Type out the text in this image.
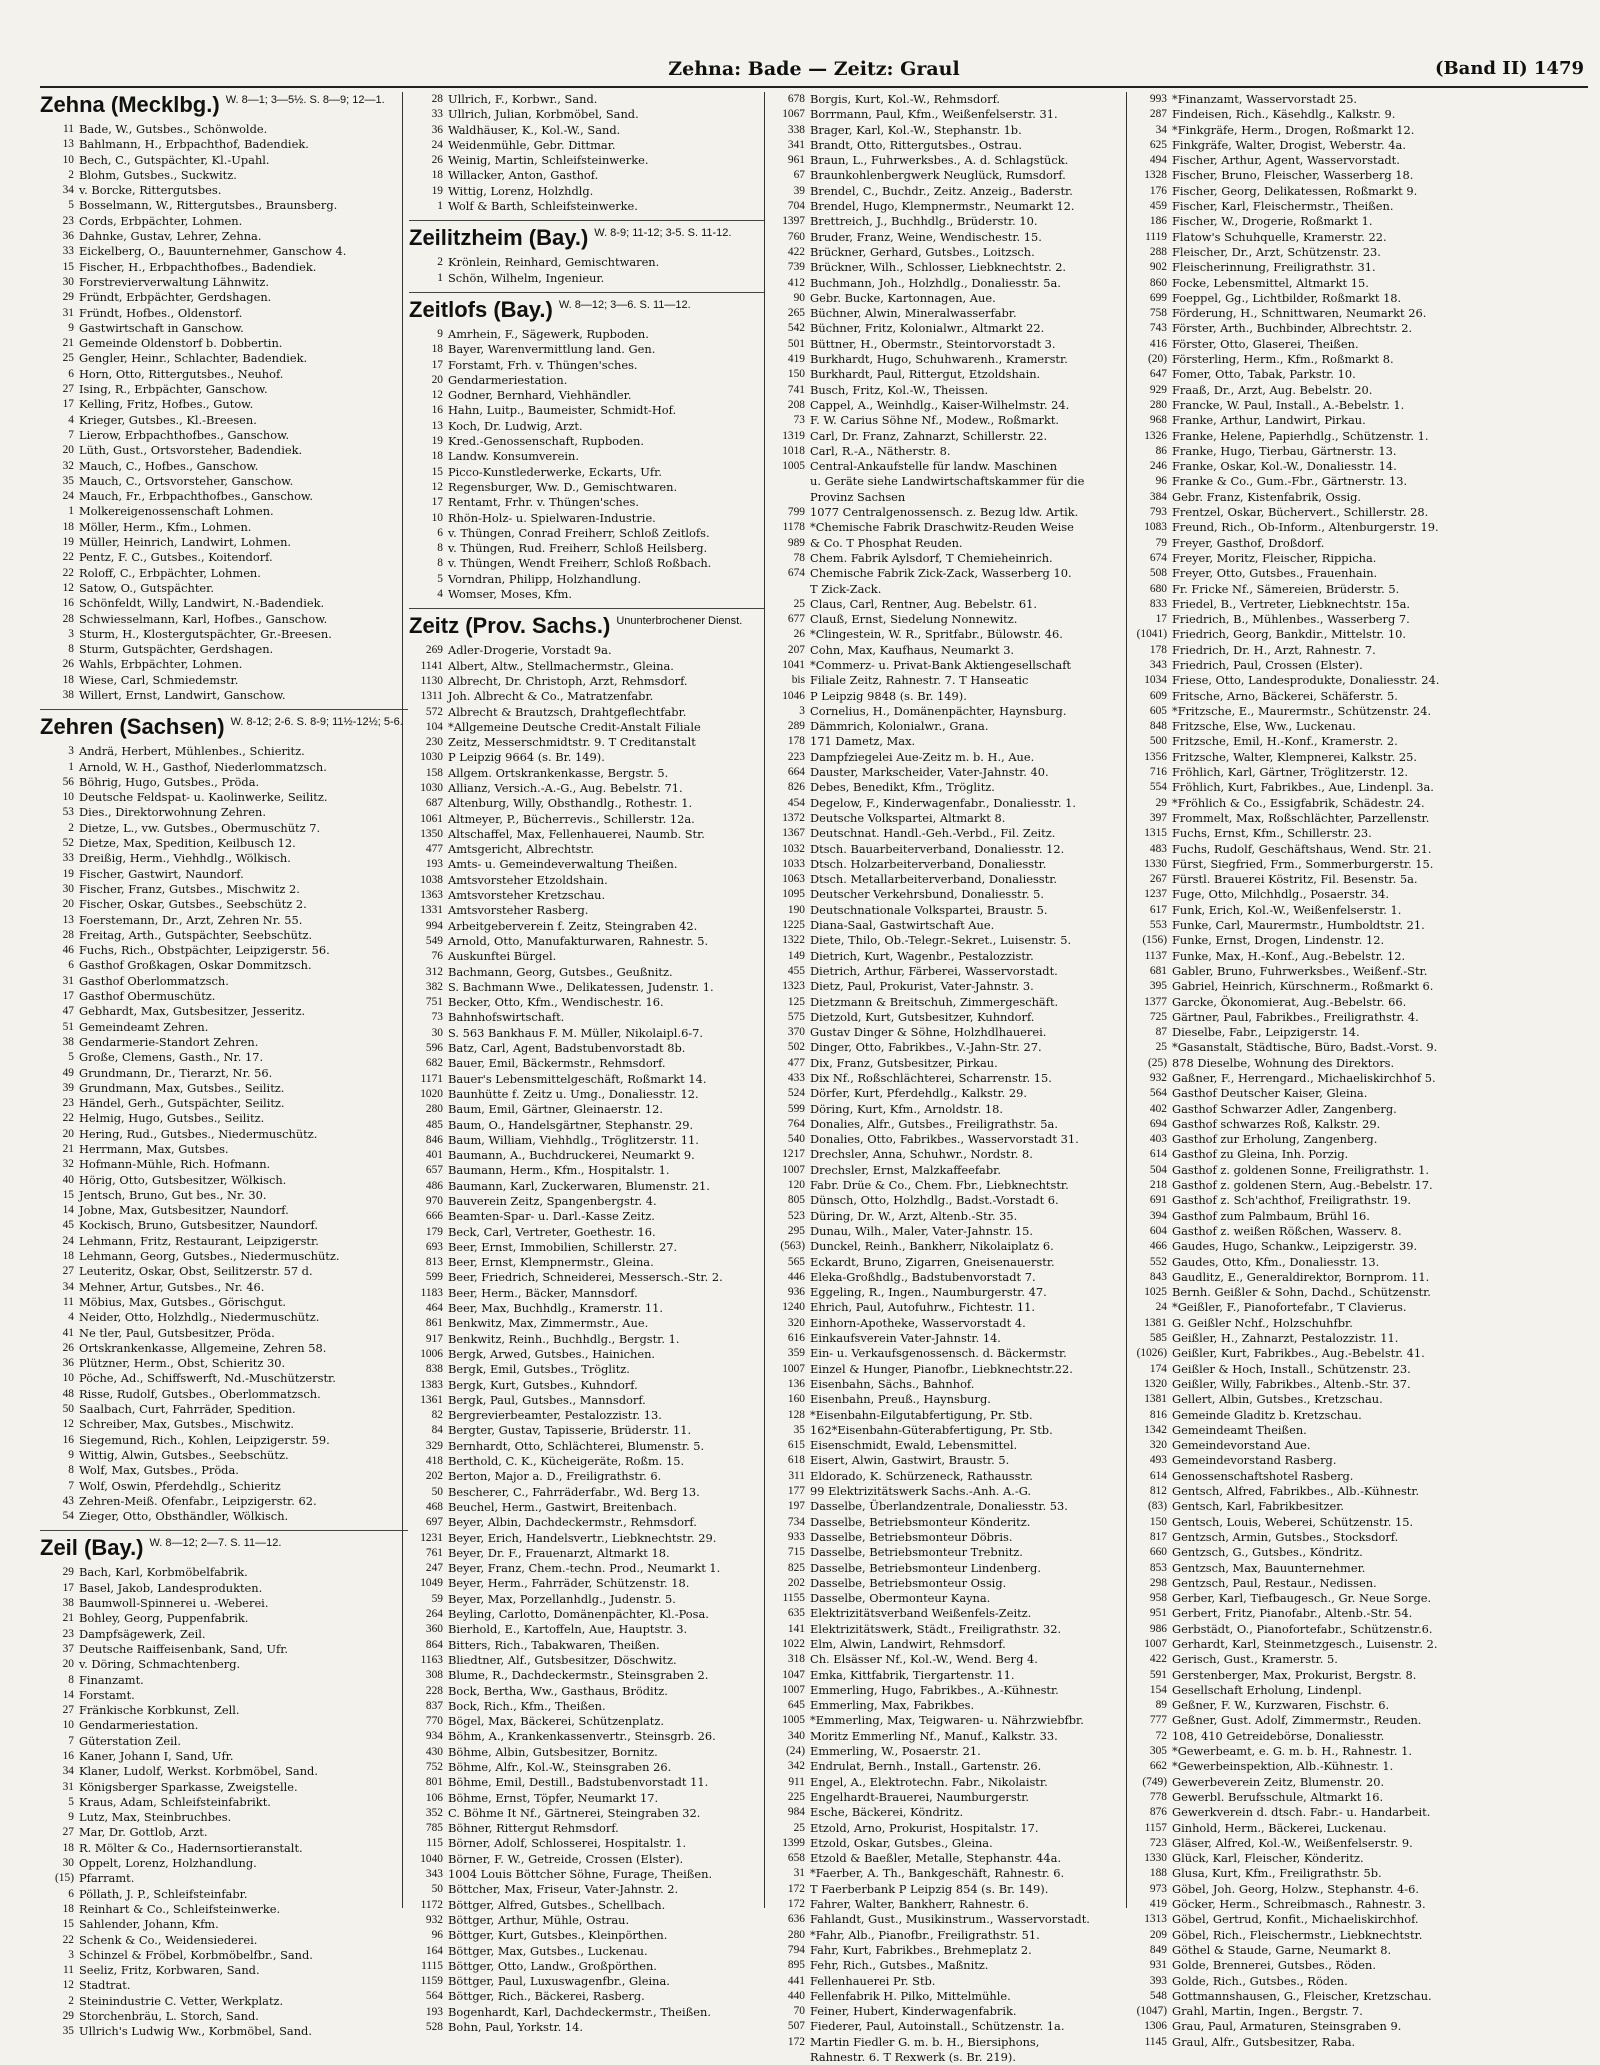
Zehna: Bade — Zeitz: Graul	(Band II) 1479
Zehna (Mecklbg.) W. 8—1; 3—5½. S. 8—9; 12—1.
11 Bade, W., Gutsbes., Schönwolde.
13 Bahlmann, H., Erbpachthof, Badendiek.
10 Bech, C., Gutspächter, Kl.-Upahl.
2 Blohm, Gutsbes., Suckwitz.
34 v. Borcke, Rittergutsbes.
5 Bosselmann, W., Rittergutsbes., Braunsberg.
23 Cords, Erbpächter, Lohmen.
36 Dahnke, Gustav, Lehrer, Zehna.
33 Eickelberg, O., Bauunternehmer, Ganschow 4.
15 Fischer, H., Erbpachthofbes., Badendiek.
30 Forstrevierverwaltung Lähnwitz.
29 Fründt, Erbpächter, Gerdshagen.
31 Fründt, Hofbes., Oldenstorf.
9 Gastwirtschaft in Ganschow.
21 Gemeinde Oldenstorf b. Dobbertin.
25 Gengler, Heinr., Schlachter, Badendiek.
6 Horn, Otto, Rittergutsbes., Neuhof.
27 Ising, R., Erbpächter, Ganschow.
17 Kelling, Fritz, Hofbes., Gutow.
4 Krieger, Gutsbes., Kl.-Breesen.
7 Lierow, Erbpachthofbes., Ganschow.
20 Lüth, Gust., Ortsvorsteher, Badendiek.
32 Mauch, C., Hofbes., Ganschow.
35 Mauch, C., Ortsvorsteher, Ganschow.
24 Mauch, Fr., Erbpachthofbes., Ganschow.
1 Molkereigenossenschaft Lohmen.
18 Möller, Herm., Kfm., Lohmen.
19 Müller, Heinrich, Landwirt, Lohmen.
22 Pentz, F. C., Gutsbes., Koitendorf.
22 Roloff, C., Erbpächter, Lohmen.
12 Satow, O., Gutspächter.
16 Schönfeldt, Willy, Landwirt, N.-Badendiek.
28 Schwiesselmann, Karl, Hofbes., Ganschow.
3 Sturm, H., Klostergutspächter, Gr.-Breesen.
8 Sturm, Gutspächter, Gerdshagen.
26 Wahls, Erbpächter, Lohmen.
18 Wiese, Carl, Schmiedemstr.
38 Willert, Ernst, Landwirt, Ganschow.
Zehren (Sachsen) W. 8-12; 2-6. S. 8-9; 11½-12½; 5-6.
3 Andrä, Herbert, Mühlenbes., Schieritz.
1 Arnold, W. H., Gasthof, Niederlommatzsch.
56 Böhrig, Hugo, Gutsbes., Pröda.
10 Deutsche Feldspat- u. Kaolinwerke, Seilitz.
53 Dies., Direktorwohnung Zehren.
2 Dietze, L., vw. Gutsbes., Obermuschütz 7.
52 Dietze, Max, Spedition, Keilbusch 12.
33 Dreißig, Herm., Viehhdlg., Wölkisch.
19 Fischer, Gastwirt, Naundorf.
30 Fischer, Franz, Gutsbes., Mischwitz 2.
20 Fischer, Oskar, Gutsbes., Seebschütz 2.
13 Foerstemann, Dr., Arzt, Zehren Nr. 55.
28 Freitag, Arth., Gutspächter, Seebschütz.
46 Fuchs, Rich., Obstpächter, Leipzigerstr. 56.
6 Gasthof Großkagen, Oskar Dommitzsch.
31 Gasthof Oberlommatzsch.
17 Gasthof Obermuschütz.
47 Gebhardt, Max, Gutsbesitzer, Jesseritz.
51 Gemeindeamt Zehren.
38 Gendarmerie-Standort Zehren.
5 Große, Clemens, Gasth., Nr. 17.
49 Grundmann, Dr., Tierarzt, Nr. 56.
39 Grundmann, Max, Gutsbes., Seilitz.
23 Händel, Gerh., Gutspächter, Seilitz.
22 Helmig, Hugo, Gutsbes., Seilitz.
20 Hering, Rud., Gutsbes., Niedermuschütz.
21 Herrmann, Max, Gutsbes.
32 Hofmann-Mühle, Rich. Hofmann.
40 Hörig, Otto, Gutsbesitzer, Wölkisch.
15 Jentsch, Bruno, Gut bes., Nr. 30.
14 Jobne, Max, Gutsbesitzer, Naundorf.
45 Kockisch, Bruno, Gutsbesitzer, Naundorf.
24 Lehmann, Fritz, Restaurant, Leipzigerstr.
18 Lehmann, Georg, Gutsbes., Niedermuschütz.
27 Leuteritz, Oskar, Obst, Seilitzerstr. 57 d.
34 Mehner, Artur, Gutsbes., Nr. 46.
11 Möbius, Max, Gutsbes., Görischgut.
4 Neider, Otto, Holzhdlg., Niedermuschütz.
41 Ne tler, Paul, Gutsbesitzer, Pröda.
26 Ortskrankenkasse, Allgemeine, Zehren 58.
36 Plützner, Herm., Obst, Schieritz 30.
10 Pöche, Ad., Schiffswerft, Nd.-Muschützerstr.
48 Risse, Rudolf, Gutsbes., Oberlommatzsch.
50 Saalbach, Curt, Fahrräder, Spedition.
12 Schreiber, Max, Gutsbes., Mischwitz.
16 Siegemund, Rich., Kohlen, Leipzigerstr. 59.
9 Wittig, Alwin, Gutsbes., Seebschütz.
8 Wolf, Max, Gutsbes., Pröda.
7 Wolf, Oswin, Pferdehdlg., Schieritz
43 Zehren-Meiß. Ofenfabr., Leipzigerstr. 62.
54 Zieger, Otto, Obsthändler, Wölkisch.
Zeil (Bay.) W. 8—12; 2—7. S. 11—12.
29 Bach, Karl, Korbmöbelfabrik.
17 Basel, Jakob, Landesprodukten.
38 Baumwoll-Spinnerei u. -Weberei.
21 Bohley, Georg, Puppenfabrik.
23 Dampfsägewerk, Zeil.
37 Deutsche Raiffeisenbank, Sand, Ufr.
20 v. Döring, Schmachtenberg.
8 Finanzamt.
14 Forstamt.
27 Fränkische Korbkunst, Zell.
10 Gendarmeriestation.
7 Güterstation Zeil.
16 Kaner, Johann I, Sand, Ufr.
34 Klaner, Ludolf, Werkst. Korbmöbel, Sand.
31 Königsberger Sparkasse, Zweigstelle.
5 Kraus, Adam, Schleifsteinfabrikt.
9 Lutz, Max, Steinbruchbes.
27 Mar, Dr. Gottlob, Arzt.
18 R. Mölter & Co., Hadernsortieranstalt.
30 Oppelt, Lorenz, Holzhandlung.
(15) Pfarramt.
6 Pöllath, J. P., Schleifsteinfabr.
18 Reinhart & Co., Schleifsteinwerke.
15 Sahlender, Johann, Kfm.
22 Schenk & Co., Weidensiederei.
3 Schinzel & Fröbel, Korbmöbelfbr., Sand.
11 Seeliz, Fritz, Korbwaren, Sand.
12 Stadtrat.
2 Steinindustrie C. Vetter, Werkplatz.
29 Storchenbräu, L. Storch, Sand.
35 Ullrich's Ludwig Ww., Korbmöbel, Sand.
28 Ullrich, F., Korbwr., Sand.
33 Ullrich, Julian, Korbmöbel, Sand.
36 Waldhäuser, K., Kol.-W., Sand.
24 Weidenmühle, Gebr. Dittmar.
26 Weinig, Martin, Schleifsteinwerke.
18 Willacker, Anton, Gasthof.
19 Wittig, Lorenz, Holzhdlg.
1 Wolf & Barth, Schleifsteinwerke.
Zeilitzheim (Bay.) W. 8-9; 11-12; 3-5. S. 11-12.
2 Krönlein, Reinhard, Gemischtwaren.
1 Schön, Wilhelm, Ingenieur.
Zeitlofs (Bay.) W. 8—12; 3—6. S. 11—12.
9 Amrhein, F., Sägewerk, Rupboden.
18 Bayer, Warenvermittlung land. Gen.
17 Forstamt, Frh. v. Thüngen'sches.
20 Gendarmeriestation.
12 Godner, Bernhard, Viehhändler.
16 Hahn, Luitp., Baumeister, Schmidt-Hof.
13 Koch, Dr. Ludwig, Arzt.
19 Kred.-Genossenschaft, Rupboden.
18 Landw. Konsumverein.
15 Picco-Kunstlederwerke, Eckarts, Ufr.
12 Regensburger, Ww. D., Gemischtwaren.
17 Rentamt, Frhr. v. Thüngen'sches.
10 Rhön-Holz- u. Spielwaren-Industrie.
6 v. Thüngen, Conrad Freiherr, Schloß Zeitlofs.
8 v. Thüngen, Rud. Freiherr, Schloß Heilsberg.
8 v. Thüngen, Wendt Freiherr, Schloß Roßbach.
5 Vorndran, Philipp, Holzhandlung.
4 Womser, Moses, Kfm.
Zeitz (Prov. Sachs.) Ununterbrochener Dienst.
269 Adler-Drogerie, Vorstadt 9a.
1141 Albert, Altw., Stellmachermstr., Gleina.
1130 Albrecht, Dr. Christoph, Arzt, Rehmsdorf.
1311 Joh. Albrecht & Co., Matratzenfabr.
572 Albrecht & Brautzsch, Drahtgeflechtfabr.
104 *Allgemeine Deutsche Credit-Anstalt Filiale
230 Zeitz, Messerschmidtstr. 9. T Creditanstalt
1030 P Leipzig 9664 (s. Br. 149).
158 Allgem. Ortskrankenkasse, Bergstr. 5.
1030 Allianz, Versich.-A.-G., Aug. Bebelstr. 71.
687 Altenburg, Willy, Obsthandlg., Rothestr. 1.
1061 Altmeyer, P., Bücherrevis., Schillerstr. 12a.
1350 Altschaffel, Max, Fellenhauerei, Naumb. Str.
477 Amtsgericht, Albrechtstr.
193 Amts- u. Gemeindeverwaltung Theißen.
1038 Amtsvorsteher Etzoldshain.
1363 Amtsvorsteher Kretzschau.
1331 Amtsvorsteher Rasberg.
994 Arbeitgeberverein f. Zeitz, Steingraben 42.
549 Arnold, Otto, Manufakturwaren, Rahnestr. 5.
76 Auskunftei Bürgel.
312 Bachmann, Georg, Gutsbes., Geußnitz.
382 S. Bachmann Wwe., Delikatessen, Judenstr. 1.
751 Becker, Otto, Kfm., Wendischestr. 16.
73 Bahnhofswirtschaft.
30 S. 563 Bankhaus F. M. Müller, Nikolaipl.6-7.
596 Batz, Carl, Agent, Badstubenvorstadt 8b.
682 Bauer, Emil, Bäckermstr., Rehmsdorf.
1171 Bauer's Lebensmittelgeschäft, Roßmarkt 14.
1020 Baunhütte f. Zeitz u. Umg., Donaliesstr. 12.
280 Baum, Emil, Gärtner, Gleinaerstr. 12.
485 Baum, O., Handelsgärtner, Stephanstr. 29.
846 Baum, William, Viehhdlg., Tröglitzerstr. 11.
401 Baumann, A., Buchdruckerei, Neumarkt 9.
657 Baumann, Herm., Kfm., Hospitalstr. 1.
486 Baumann, Karl, Zuckerwaren, Blumenstr. 21.
970 Bauverein Zeitz, Spangenbergstr. 4.
666 Beamten-Spar- u. Darl.-Kasse Zeitz.
179 Beck, Carl, Vertreter, Goethestr. 16.
693 Beer, Ernst, Immobilien, Schillerstr. 27.
813 Beer, Ernst, Klempnermstr., Gleina.
599 Beer, Friedrich, Schneiderei, Messersch.-Str. 2.
1183 Beer, Herm., Bäcker, Mannsdorf.
464 Beer, Max, Buchhdlg., Kramerstr. 11.
861 Benkwitz, Max, Zimmermstr., Aue.
917 Benkwitz, Reinh., Buchhdlg., Bergstr. 1.
1006 Bergk, Arwed, Gutsbes., Hainichen.
838 Bergk, Emil, Gutsbes., Tröglitz.
1383 Bergk, Kurt, Gutsbes., Kuhndorf.
1361 Bergk, Paul, Gutsbes., Mannsdorf.
82 Bergrevierbeamter, Pestalozzistr. 13.
84 Bergter, Gustav, Tapisserie, Brüderstr. 11.
329 Bernhardt, Otto, Schlächterei, Blumenstr. 5.
418 Berthold, C. K., Kücheigeräte, Roßm. 15.
202 Berton, Major a. D., Freiligrathstr. 6.
50 Bescherer, C., Fahrräderfabr., Wd. Berg 13.
468 Beuchel, Herm., Gastwirt, Breitenbach.
697 Beyer, Albin, Dachdeckermstr., Rehmsdorf.
1231 Beyer, Erich, Handelsvertr., Liebknechtstr. 29.
761 Beyer, Dr. F., Frauenarzt, Altmarkt 18.
247 Beyer, Franz, Chem.-techn. Prod., Neumarkt 1.
1049 Beyer, Herm., Fahrräder, Schützenstr. 18.
59 Beyer, Max, Porzellanhdlg., Judenstr. 5.
264 Beyling, Carlotto, Domänenpächter, Kl.-Posa.
360 Bierhold, E., Kartoffeln, Aue, Hauptstr. 3.
864 Bitters, Rich., Tabakwaren, Theißen.
1163 Bliedtner, Alf., Gutsbesitzer, Döschwitz.
308 Blume, R., Dachdeckermstr., Steinsgraben 2.
228 Bock, Bertha, Ww., Gasthaus, Bröditz.
837 Bock, Rich., Kfm., Theißen.
770 Bögel, Max, Bäckerei, Schützenplatz.
934 Böhm, A., Krankenkassenvertr., Steinsgrb. 26.
430 Böhme, Albin, Gutsbesitzer, Bornitz.
752 Böhme, Alfr., Kol.-W., Steinsgraben 26.
801 Böhme, Emil, Destill., Badstubenvorstadt 11.
106 Böhme, Ernst, Töpfer, Neumarkt 17.
352 C. Böhme It Nf., Gärtnerei, Steingraben 32.
785 Böhner, Rittergut Rehmsdorf.
115 Börner, Adolf, Schlosserei, Hospitalstr. 1.
1040 Börner, F. W., Getreide, Crossen (Elster).
343 1004 Louis Böttcher Söhne, Furage, Theißen.
50 Böttcher, Max, Friseur, Vater-Jahnstr. 2.
1172 Böttger, Alfred, Gutsbes., Schellbach.
932 Böttger, Arthur, Mühle, Ostrau.
96 Böttger, Kurt, Gutsbes., Kleinpörthen.
164 Böttger, Max, Gutsbes., Luckenau.
1115 Böttger, Otto, Landw., Großpörthen.
1159 Böttger, Paul, Luxuswagenfbr., Gleina.
564 Böttger, Rich., Bäckerei, Rasberg.
193 Bogenhardt, Karl, Dachdeckermstr., Theißen.
528 Bohn, Paul, Yorkstr. 14.
678 Borgis, Kurt, Kol.-W., Rehmsdorf.
1067 Borrmann, Paul, Kfm., Weißenfelserstr. 31.
338 Brager, Karl, Kol.-W., Stephanstr. 1b.
341 Brandt, Otto, Rittergutsbes., Ostrau.
961 Braun, L., Fuhrwerksbes., A. d. Schlagstück.
67 Braunkohlenbergwerk Neuglück, Rumsdorf.
39 Brendel, C., Buchdr., Zeitz. Anzeig., Baderstr.
704 Brendel, Hugo, Klempnermstr., Neumarkt 12.
1397 Brettreich, J., Buchhdlg., Brüderstr. 10.
760 Bruder, Franz, Weine, Wendischestr. 15.
422 Brückner, Gerhard, Gutsbes., Loitzsch.
739 Brückner, Wilh., Schlosser, Liebknechtstr. 2.
412 Buchmann, Joh., Holzhdlg., Donaliesstr. 5a.
90 Gebr. Bucke, Kartonnagen, Aue.
265 Büchner, Alwin, Mineralwasserfabr.
542 Büchner, Fritz, Kolonialwr., Altmarkt 22.
501 Büttner, H., Obermstr., Steintorvorstadt 3.
419 Burkhardt, Hugo, Schuhwarenh., Kramerstr.
150 Burkhardt, Paul, Rittergut, Etzoldshain.
741 Busch, Fritz, Kol.-W., Theissen.
208 Cappel, A., Weinhdlg., Kaiser-Wilhelmstr. 24.
73 F. W. Carius Söhne Nf., Modew., Roßmarkt.
1319 Carl, Dr. Franz, Zahnarzt, Schillerstr. 22.
1018 Carl, R.-A., Nätherstr. 8.
1005 Central-Ankaufstelle für landw. Maschinen
u. Geräte siehe Landwirtschaftskammer für die
Provinz Sachsen
799 1077 Centralgenossensch. z. Bezug ldw. Artik.
1178 *Chemische Fabrik Draschwitz-Reuden Weise
989 & Co. T Phosphat Reuden.
78 Chem. Fabrik Aylsdorf, T Chemieheinrich.
674 Chemische Fabrik Zick-Zack, Wasserberg 10.
T Zick-Zack.
25 Claus, Carl, Rentner, Aug. Bebelstr. 61.
677 Clauß, Ernst, Siedelung Nonnewitz.
26 *Clingestein, W. R., Spritfabr., Bülowstr. 46.
207 Cohn, Max, Kaufhaus, Neumarkt 3.
1041 *Commerz- u. Privat-Bank Aktiengesellschaft
bis Filiale Zeitz, Rahnestr. 7. T Hanseatic
1046 P Leipzig 9848 (s. Br. 149).
3 Cornelius, H., Domänenpächter, Haynsburg.
289 Dämmrich, Kolonialwr., Grana.
178 171 Dametz, Max.
223 Dampfziegelei Aue-Zeitz m. b. H., Aue.
664 Dauster, Markscheider, Vater-Jahnstr. 40.
826 Debes, Benedikt, Kfm., Tröglitz.
454 Degelow, F., Kinderwagenfabr., Donaliesstr. 1.
1372 Deutsche Volkspartei, Altmarkt 8.
1367 Deutschnat. Handl.-Geh.-Verbd., Fil. Zeitz.
1032 Dtsch. Bauarbeiterverband, Donaliesstr. 12.
1033 Dtsch. Holzarbeiterverband, Donaliesstr.
1063 Dtsch. Metallarbeiterverband, Donaliesstr.
1095 Deutscher Verkehrsbund, Donaliesstr. 5.
190 Deutschnationale Volkspartei, Braustr. 5.
1225 Diana-Saal, Gastwirtschaft Aue.
1322 Diete, Thilo, Ob.-Telegr.-Sekret., Luisenstr. 5.
149 Dietrich, Kurt, Wagenbr., Pestalozzistr.
455 Dietrich, Arthur, Färberei, Wasservorstadt.
1323 Dietz, Paul, Prokurist, Vater-Jahnstr. 3.
125 Dietzmann & Breitschuh, Zimmergeschäft.
575 Dietzold, Kurt, Gutsbesitzer, Kuhndorf.
370 Gustav Dinger & Söhne, Holzhdlhauerei.
502 Dinger, Otto, Fabrikbes., V.-Jahn-Str. 27.
477 Dix, Franz, Gutsbesitzer, Pirkau.
433 Dix Nf., Roßschlächterei, Scharrenstr. 15.
524 Dörfer, Kurt, Pferdehdlg., Kalkstr. 29.
599 Döring, Kurt, Kfm., Arnoldstr. 18.
764 Donalies, Alfr., Gutsbes., Freiligrathstr. 5a.
540 Donalies, Otto, Fabrikbes., Wasservorstadt 31.
1217 Drechsler, Anna, Schuhwr., Nordstr. 8.
1007 Drechsler, Ernst, Malzkaffeefabr.
120 Fabr. Drüe & Co., Chem. Fbr., Liebknechtstr.
805 Dünsch, Otto, Holzhdlg., Badst.-Vorstadt 6.
523 Düring, Dr. W., Arzt, Altenb.-Str. 35.
295 Dunau, Wilh., Maler, Vater-Jahnstr. 15.
(563) Dunckel, Reinh., Bankherr, Nikolaiplatz 6.
565 Eckardt, Bruno, Zigarren, Gneisenauerstr.
446 Eleka-Großhdlg., Badstubenvorstadt 7.
936 Eggeling, R., Ingen., Naumburgerstr. 47.
1240 Ehrich, Paul, Autofuhrw., Fichtestr. 11.
320 Einhorn-Apotheke, Wasservorstadt 4.
616 Einkaufsverein Vater-Jahnstr. 14.
359 Ein- u. Verkaufsgenossensch. d. Bäckermstr.
1007 Einzel & Hunger, Pianofbr., Liebknechtstr.22.
136 Eisenbahn, Sächs., Bahnhof.
160 Eisenbahn, Preuß., Haynsburg.
128 *Eisenbahn-Eilgutabfertigung, Pr. Stb.
35 162*Eisenbahn-Güterabfertigung, Pr. Stb.
615 Eisenschmidt, Ewald, Lebensmittel.
618 Eisert, Alwin, Gastwirt, Braustr. 5.
311 Eldorado, K. Schürzeneck, Rathausstr.
177 99 Elektrizitätswerk Sachs.-Anh. A.-G.
197 Dasselbe, Überlandzentrale, Donaliesstr. 53.
734 Dasselbe, Betriebsmonteur Könderitz.
933 Dasselbe, Betriebsmonteur Döbris.
715 Dasselbe, Betriebsmonteur Trebnitz.
825 Dasselbe, Betriebsmonteur Lindenberg.
202 Dasselbe, Betriebsmonteur Ossig.
1155 Dasselbe, Obermonteur Kayna.
635 Elektrizitätsverband Weißenfels-Zeitz.
141 Elektrizitätswerk, Städt., Freiligrathstr. 32.
1022 Elm, Alwin, Landwirt, Rehmsdorf.
318 Ch. Elsässer Nf., Kol.-W., Wend. Berg 4.
1047 Emka, Kittfabrik, Tiergartenstr. 11.
1007 Emmerling, Hugo, Fabrikbes., A.-Kühnestr.
645 Emmerling, Max, Fabrikbes.
1005 *Emmerling, Max, Teigwaren- u. Nährzwiebfbr.
340 Moritz Emmerling Nf., Manuf., Kalkstr. 33.
(24) Emmerling, W., Posaerstr. 21.
342 Endrulat, Bernh., Install., Gartenstr. 26.
911 Engel, A., Elektrotechn. Fabr., Nikolaistr.
225 Engelhardt-Brauerei, Naumburgerstr.
984 Esche, Bäckerei, Köndritz.
25 Etzold, Arno, Prokurist, Hospitalstr. 17.
1399 Etzold, Oskar, Gutsbes., Gleina.
658 Etzold & Baeßler, Metalle, Stephanstr. 44a.
31 *Faerber, A. Th., Bankgeschäft, Rahnestr. 6.
172 T Faerberbank P Leipzig 854 (s. Br. 149).
172 Fahrer, Walter, Bankherr, Rahnestr. 6.
636 Fahlandt, Gust., Musikinstrum., Wasservorstadt.
280 *Fahr, Alb., Pianofbr., Freiligrathstr. 51.
794 Fahr, Kurt, Fabrikbes., Brehmeplatz 2.
895 Fehr, Rich., Gutsbes., Maßnitz.
441 Fellenhauerei Pr. Stb.
440 Fellenfabrik H. Pilko, Mittelmühle.
70 Feiner, Hubert, Kinderwagenfabrik.
507 Fiederer, Paul, Autoinstall., Schützenstr. 1a.
172 Martin Fiedler G. m. b. H., Biersiphons,
Rahnestr. 6. T Rexwerk (s. Br. 219).
993 *Finanzamt, Wasservorstadt 25.
287 Findeisen, Rich., Käsehdlg., Kalkstr. 9.
34 *Finkgräfe, Herm., Drogen, Roßmarkt 12.
625 Finkgräfe, Walter, Drogist, Weberstr. 4a.
494 Fischer, Arthur, Agent, Wasservorstadt.
1328 Fischer, Bruno, Fleischer, Wasserberg 18.
176 Fischer, Georg, Delikatessen, Roßmarkt 9.
459 Fischer, Karl, Fleischermstr., Theißen.
186 Fischer, W., Drogerie, Roßmarkt 1.
1119 Flatow's Schuhquelle, Kramerstr. 22.
288 Fleischer, Dr., Arzt, Schützenstr. 23.
902 Fleischerinnung, Freiligrathstr. 31.
860 Focke, Lebensmittel, Altmarkt 15.
699 Foeppel, Gg., Lichtbilder, Roßmarkt 18.
758 Förderung, H., Schnittwaren, Neumarkt 26.
743 Förster, Arth., Buchbinder, Albrechtstr. 2.
416 Förster, Otto, Glaserei, Theißen.
(20) Försterling, Herm., Kfm., Roßmarkt 8.
647 Fomer, Otto, Tabak, Parkstr. 10.
929 Fraaß, Dr., Arzt, Aug. Bebelstr. 20.
280 Francke, W. Paul, Install., A.-Bebelstr. 1.
968 Franke, Arthur, Landwirt, Pirkau.
1326 Franke, Helene, Papierhdlg., Schützenstr. 1.
86 Franke, Hugo, Tierbau, Gärtnerstr. 13.
246 Franke, Oskar, Kol.-W., Donaliesstr. 14.
96 Franke & Co., Gum.-Fbr., Gärtnerstr. 13.
384 Gebr. Franz, Kistenfabrik, Ossig.
793 Frentzel, Oskar, Büchervert., Schillerstr. 28.
1083 Freund, Rich., Ob-Inform., Altenburgerstr. 19.
79 Freyer, Gasthof, Droßdorf.
674 Freyer, Moritz, Fleischer, Rippicha.
508 Freyer, Otto, Gutsbes., Frauenhain.
680 Fr. Fricke Nf., Sämereien, Brüderstr. 5.
833 Friedel, B., Vertreter, Liebknechtstr. 15a.
17 Friedrich, B., Mühlenbes., Wasserberg 7.
(1041) Friedrich, Georg, Bankdir., Mittelstr. 10.
178 Friedrich, Dr. H., Arzt, Rahnestr. 7.
343 Friedrich, Paul, Crossen (Elster).
1034 Friese, Otto, Landesprodukte, Donaliesstr. 24.
609 Fritsche, Arno, Bäckerei, Schäferstr. 5.
605 *Fritzsche, E., Maurermstr., Schützenstr. 24.
848 Fritzsche, Else, Ww., Luckenau.
500 Fritzsche, Emil, H.-Konf., Kramerstr. 2.
1356 Fritzsche, Walter, Klempnerei, Kalkstr. 25.
716 Fröhlich, Karl, Gärtner, Tröglitzerstr. 12.
554 Fröhlich, Kurt, Fabrikbes., Aue, Lindenpl. 3a.
29 *Fröhlich & Co., Essigfabrik, Schädestr. 24.
397 Frommelt, Max, Roßschlächter, Parzellenstr.
1315 Fuchs, Ernst, Kfm., Schillerstr. 23.
483 Fuchs, Rudolf, Geschäftshaus, Wend. Str. 21.
1330 Fürst, Siegfried, Frm., Sommerburgerstr. 15.
267 Fürstl. Brauerei Köstritz, Fil. Besenstr. 5a.
1237 Fuge, Otto, Milchhdlg., Posaerstr. 34.
617 Funk, Erich, Kol.-W., Weißenfelserstr. 1.
553 Funke, Carl, Maurermstr., Humboldtstr. 21.
(156) Funke, Ernst, Drogen, Lindenstr. 12.
1137 Funke, Max, H.-Konf., Aug.-Bebelstr. 12.
681 Gabler, Bruno, Fuhrwerksbes., Weißenf.-Str.
395 Gabriel, Heinrich, Kürschnerm., Roßmarkt 6.
1377 Garcke, Ökonomierat, Aug.-Bebelstr. 66.
725 Gärtner, Paul, Fabrikbes., Freiligrathstr. 4.
87 Dieselbe, Fabr., Leipzigerstr. 14.
25 *Gasanstalt, Städtische, Büro, Badst.-Vorst. 9.
(25) 878 Dieselbe, Wohnung des Direktors.
932 Gaßner, F., Herrengard., Michaeliskirchhof 5.
564 Gasthof Deutscher Kaiser, Gleina.
402 Gasthof Schwarzer Adler, Zangenberg.
694 Gasthof schwarzes Roß, Kalkstr. 29.
403 Gasthof zur Erholung, Zangenberg.
614 Gasthof zu Gleina, Inh. Porzig.
504 Gasthof z. goldenen Sonne, Freiligrathstr. 1.
218 Gasthof z. goldenen Stern, Aug.-Bebelstr. 17.
691 Gasthof z. Sch'achthof, Freiligrathstr. 19.
394 Gasthof zum Palmbaum, Brühl 16.
604 Gasthof z. weißen Rößchen, Wasserv. 8.
466 Gaudes, Hugo, Schankw., Leipzigerstr. 39.
552 Gaudes, Otto, Kfm., Donaliesstr. 13.
843 Gaudlitz, E., Generaldirektor, Bornprom. 11.
1025 Bernh. Geißler & Sohn, Dachd., Schützenstr.
24 *Geißler, F., Pianofortefabr., T Clavierus.
1381 G. Geißler Nchf., Holzschuhfbr.
585 Geißler, H., Zahnarzt, Pestalozzistr. 11.
(1026) Geißler, Kurt, Fabrikbes., Aug.-Bebelstr. 41.
174 Geißler & Hoch, Install., Schützenstr. 23.
1320 Geißler, Willy, Fabrikbes., Altenb.-Str. 37.
1381 Gellert, Albin, Gutsbes., Kretzschau.
816 Gemeinde Gladitz b. Kretzschau.
1342 Gemeindeamt Theißen.
320 Gemeindevorstand Aue.
493 Gemeindevorstand Rasberg.
614 Genossenschaftshotel Rasberg.
812 Gentsch, Alfred, Fabrikbes., Alb.-Kühnestr.
(83) Gentsch, Karl, Fabrikbesitzer.
150 Gentsch, Louis, Weberei, Schützenstr. 15.
817 Gentzsch, Armin, Gutsbes., Stocksdorf.
660 Gentzsch, G., Gutsbes., Köndritz.
853 Gentzsch, Max, Bauunternehmer.
298 Gentzsch, Paul, Restaur., Nedissen.
958 Gerber, Karl, Tiefbaugesch., Gr. Neue Sorge.
951 Gerbert, Fritz, Pianofabr., Altenb.-Str. 54.
986 Gerbstädt, O., Pianofortefabr., Schützenstr.6.
1007 Gerhardt, Karl, Steinmetzgesch., Luisenstr. 2.
422 Gerisch, Gust., Kramerstr. 5.
591 Gerstenberger, Max, Prokurist, Bergstr. 8.
154 Gesellschaft Erholung, Lindenpl.
89 Geßner, F. W., Kurzwaren, Fischstr. 6.
777 Geßner, Gust. Adolf, Zimmermstr., Reuden.
72 108, 410 Getreidebörse, Donaliesstr.
305 *Gewerbeamt, e. G. m. b. H., Rahnestr. 1.
662 *Gewerbeinspektion, Alb.-Kühnestr. 1.
(749) Gewerbeverein Zeitz, Blumenstr. 20.
778 Gewerbl. Berufsschule, Altmarkt 16.
876 Gewerkverein d. dtsch. Fabr.- u. Handarbeit.
1157 Ginhold, Herm., Bäckerei, Luckenau.
723 Gläser, Alfred, Kol.-W., Weißenfelserstr. 9.
1330 Glück, Karl, Fleischer, Könderitz.
188 Glusa, Kurt, Kfm., Freiligrathstr. 5b.
973 Göbel, Joh. Georg, Holzw., Stephanstr. 4-6.
419 Göcker, Herm., Schreibmasch., Rahnestr. 3.
1313 Göbel, Gertrud, Konfit., Michaeliskirchhof.
209 Göbel, Rich., Fleischermstr., Liebknechtstr.
849 Göthel & Staude, Garne, Neumarkt 8.
931 Golde, Brennerei, Gutsbes., Röden.
393 Golde, Rich., Gutsbes., Röden.
548 Gottmannshausen, G., Fleischer, Kretzschau.
(1047) Grahl, Martin, Ingen., Bergstr. 7.
1306 Grau, Paul, Armaturen, Steinsgraben 9.
1145 Graul, Alfr., Gutsbesitzer, Raba.
